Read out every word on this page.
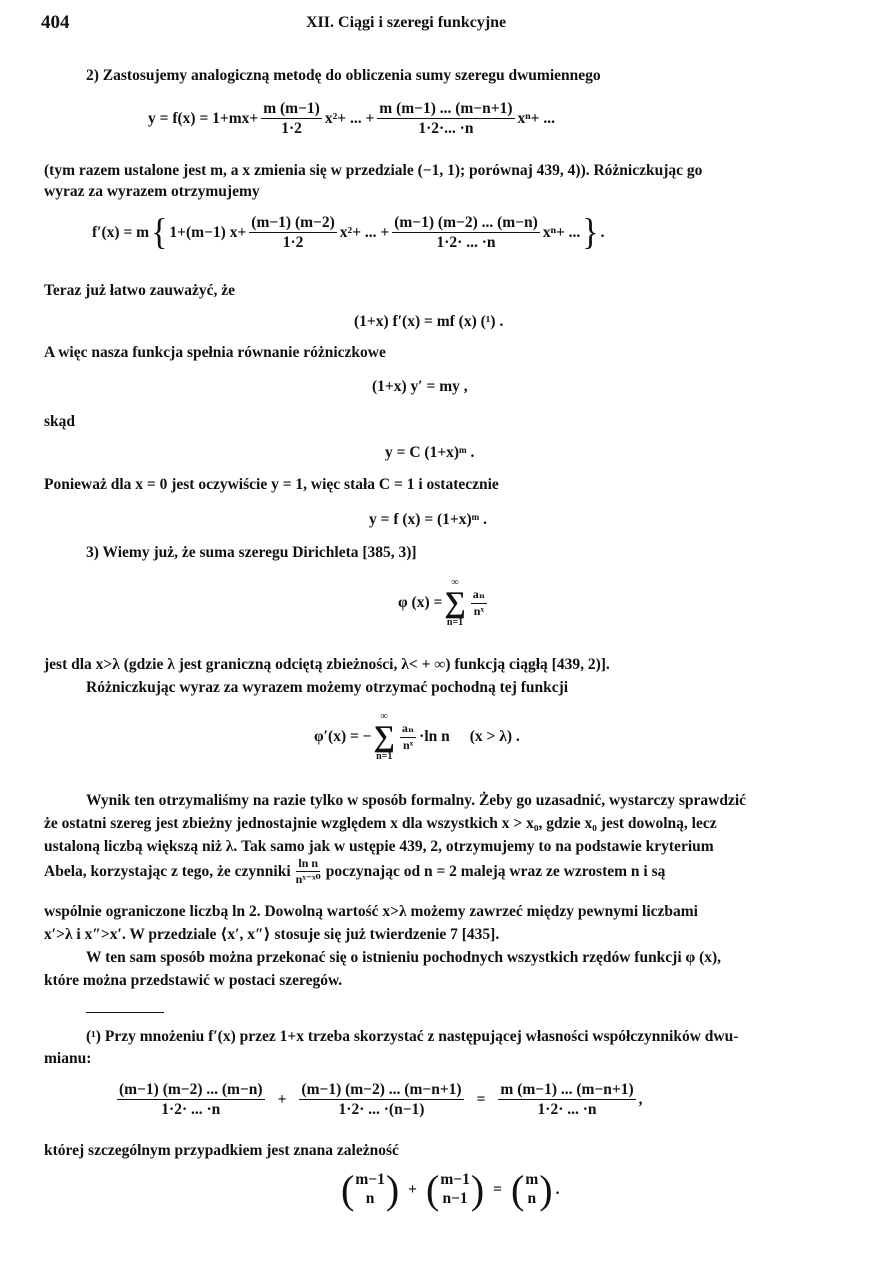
404	XII. Ciągi i szeregi funkcyjne
2) Zastosujemy analogiczną metodę do obliczenia sumy szeregu dwumiennego
$y = f(x) = 1+mx+ \frac{m (m-1)}{1\cdot 2} x^2+$ ... + $\frac{m (m-1) ... (m-n+1)}{1\cdot 2\cdot... \cdot n} x^n+$ ...
(tym razem ustalone jest m, a x zmienia się w przedziale (−1, 1); porównaj 439, 4)). Różniczkując go
wyraz za wyrazem otrzymujemy
f′(x) = m { 1+(m−1) $x+ \frac{(m-1) (m-2)}{1\cdot 2} x^2+$ ... + $\frac{(m-1) (m-2) ... (m-n)}{1\cdot 2\cdot ... \cdot n} x^n+$ ... } .
Teraz już łatwo zauważyć, że
(1+x) f′(x) = mf (x) (¹) .
A więc nasza funkcja spełnia równanie różniczkowe
(1+x) y′ = my ,
skąd
y = C (1+x)ᵐ .
Ponieważ dla x = 0 jest oczywiście y = 1, więc stała C = 1 i ostatecznie
y = f (x) = (1+x)ᵐ .
3) Wiemy już, że suma szeregu Dirichleta [385, 3)]
φ (x) =
∞
∑
n=1
$\frac{\text{aₙ}}{\text{nˣ}}$
jest dla x>λ (gdzie λ jest graniczną odciętą zbieżności, λ< + ∞) funkcją ciągłą [439, 2)].
Różniczkując wyraz za wyrazem możemy otrzymać pochodną tej funkcji
φ′(x) = −
∞
∑
n=1
$\frac{\text{aₙ}}{\text{nˣ}} \cdot\ln$ n (x > λ) .
Wynik ten otrzymaliśmy na razie tylko w sposób formalny. Żeby go uzasadnić, wystarczy sprawdzić
że ostatni szereg jest zbieżny jednostajnie względem x dla wszystkich x > x₀, gdzie x₀ jest dowolną, lecz
ustaloną liczbą większą niż λ. Tak samo jak w ustępie 439, 2, otrzymujemy to na podstawie kryterium
Abela, korzystając z tego, że czynniki $\frac{\text{ln n}}{\text{nˣ⁻ˣ⁰}}$ poczynając od n = 2 maleją wraz ze wzrostem n i są
wspólnie ograniczone liczbą ln 2. Dowolną wartość x>λ możemy zawrzeć między pewnymi liczbami
x′>λ i x″>x′. W przedziale ⟨x′, x″⟩ stosuje się już twierdzenie 7 [435].
W ten sam sposób można przekonać się o istnieniu pochodnych wszystkich rzędów funkcji φ (x),
które można przedstawić w postaci szeregów.
(¹) Przy mnożeniu f′(x) przez 1+x trzeba skorzystać z następującej własności współczynników dwu-
mianu:
$\frac{(m-1) (m-2) ... (m-n)}{1\cdot 2\cdot ... \cdot n} + \frac{(m-1) (m-2) ... (m-n+1)}{1\cdot 2\cdot ... \cdot(n-1)} = \frac{m (m-1) ... (m-n+1)}{1\cdot 2\cdot ... \cdot n}$ ,
której szczególnym przypadkiem jest znana zależność
( m−1
n ) + ( m−1
n−1 ) = ( m
n ) .
